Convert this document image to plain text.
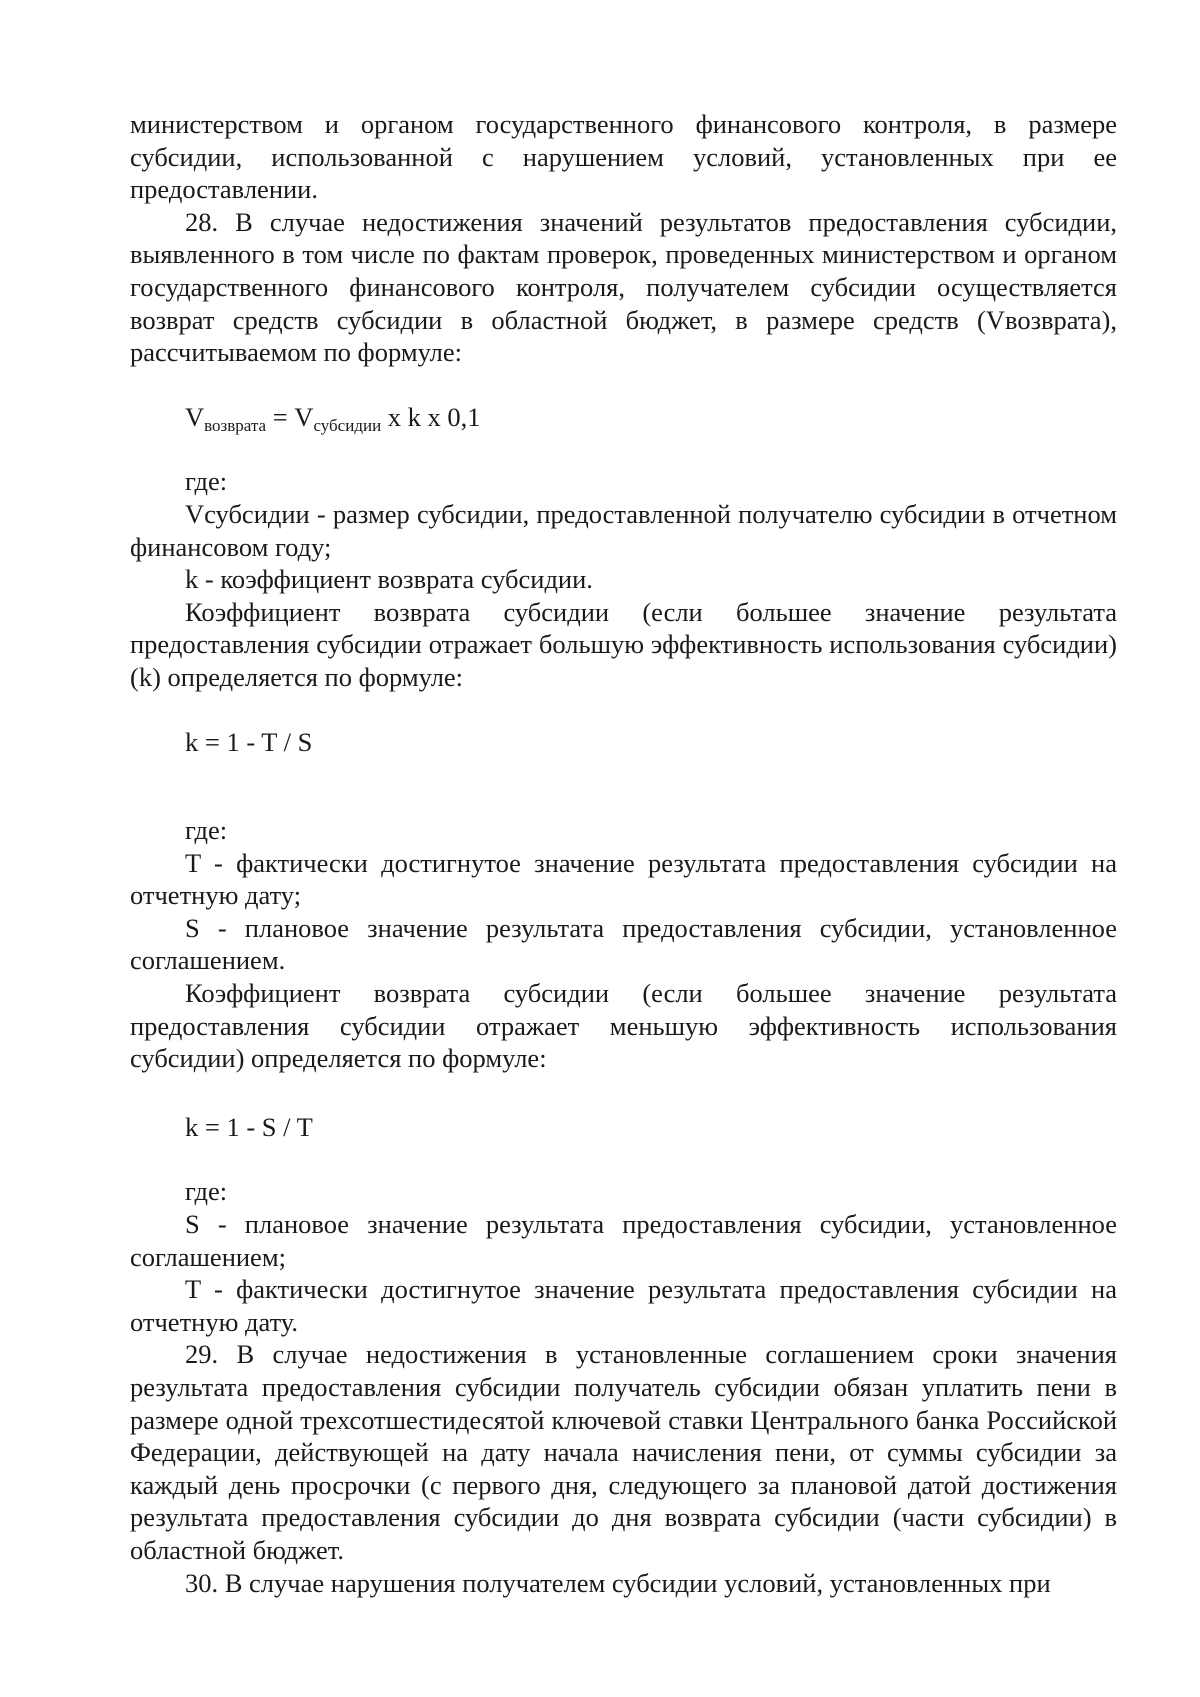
министерством и органом государственного финансового контроля, в размере субсидии, использованной с нарушением условий, установленных при ее предоставлении.

28. В случае недостижения значений результатов предоставления субсидии, выявленного в том числе по фактам проверок, проведенных министерством и органом государственного финансового контроля, получателем субсидии осуществляется возврат средств субсидии в областной бюджет, в размере средств (Vвозврата), рассчитываемом по формуле:

$V_{возврата} = V_{субсидии}$ x k x 0,1

где:

Vсубсидии - размер субсидии, предоставленной получателю субсидии в отчетном финансовом году;

k - коэффициент возврата субсидии.

Коэффициент возврата субсидии (если большее значение результата предоставления субсидии отражает большую эффективность использования субсидии) (k) определяется по формуле:

k = 1 - T / S

где:

T - фактически достигнутое значение результата предоставления субсидии на отчетную дату;

S - плановое значение результата предоставления субсидии, установленное соглашением.

Коэффициент возврата субсидии (если большее значение результата предоставления субсидии отражает меньшую эффективность использования субсидии) определяется по формуле:

k = 1 - S / T

где:

S - плановое значение результата предоставления субсидии, установленное соглашением;

T - фактически достигнутое значение результата предоставления субсидии на отчетную дату.

29. В случае недостижения в установленные соглашением сроки значения результата предоставления субсидии получатель субсидии обязан уплатить пени в размере одной трехсотшестидесятой ключевой ставки Центрального банка Российской Федерации, действующей на дату начала начисления пени, от суммы субсидии за каждый день просрочки (с первого дня, следующего за плановой датой достижения результата предоставления субсидии до дня возврата субсидии (части субсидии) в областной бюджет.

30. В случае нарушения получателем субсидии условий, установленных при
